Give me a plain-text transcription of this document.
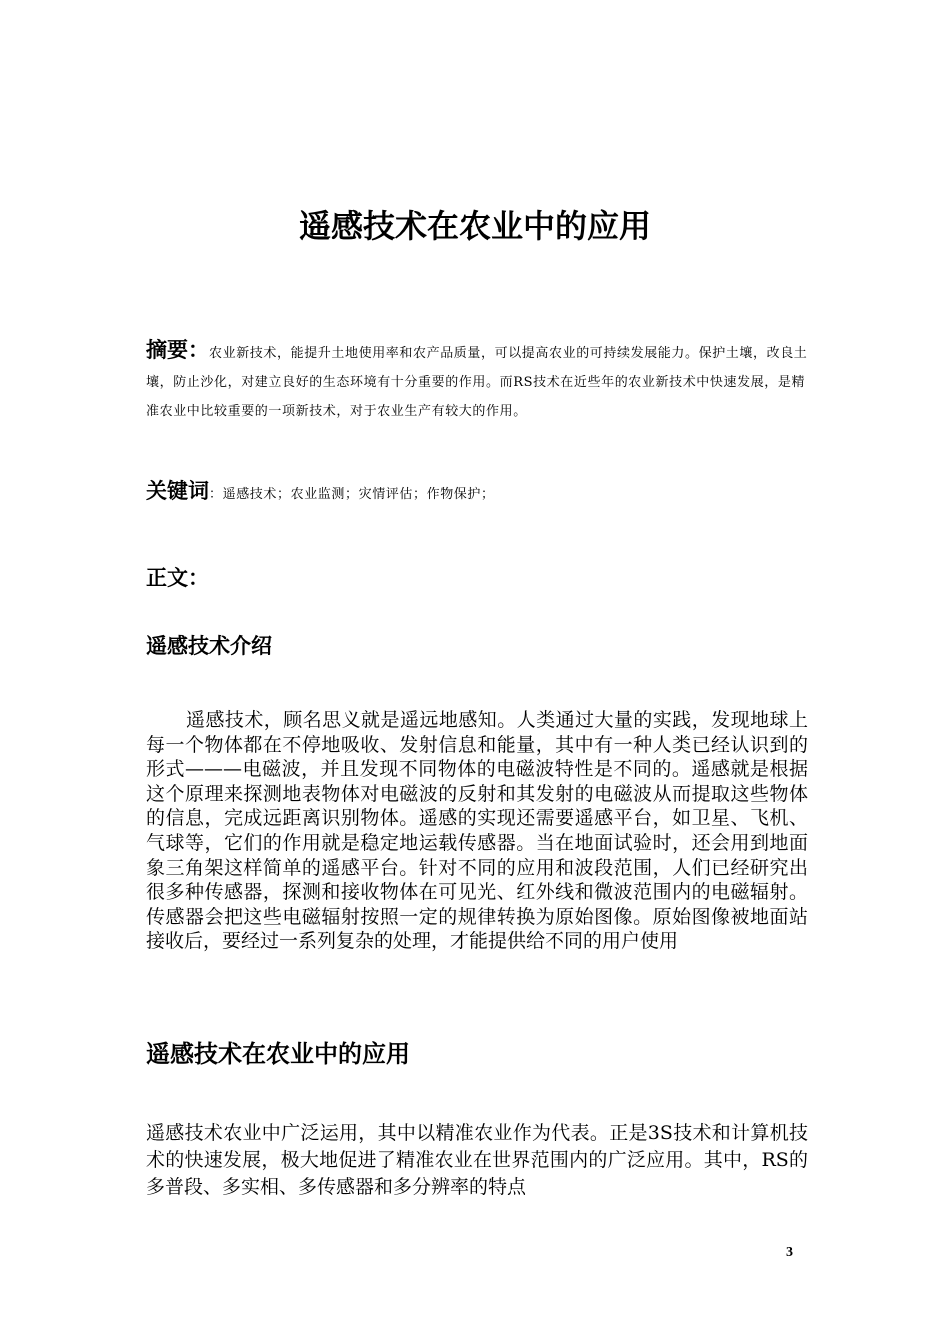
遥感技术在农业中的应用

摘要：农业新技术，能提升土地使用率和农产品质量，可以提高农业的可持续发展能力。保护土壤，改良土壤，防止沙化，对建立良好的生态环境有十分重要的作用。而RS技术在近些年的农业新技术中快速发展，是精准农业中比较重要的一项新技术，对于农业生产有较大的作用。

关键词：遥感技术；农业监测；灾情评估；作物保护；

正文：
遥感技术介绍

遥感技术，顾名思义就是遥远地感知。人类通过大量的实践，发现地球上每一个物体都在不停地吸收、发射信息和能量，其中有一种人类已经认识到的形式———电磁波，并且发现不同物体的电磁波特性是不同的。遥感就是根据这个原理来探测地表物体对电磁波的反射和其发射的电磁波从而提取这些物体的信息，完成远距离识别物体。遥感的实现还需要遥感平台，如卫星、飞机、气球等，它们的作用就是稳定地运载传感器。当在地面试验时，还会用到地面象三角架这样简单的遥感平台。针对不同的应用和波段范围，人们已经研究出很多种传感器，探测和接收物体在可见光、红外线和微波范围内的电磁辐射。传感器会把这些电磁辐射按照一定的规律转换为原始图像。原始图像被地面站接收后，要经过一系列复杂的处理，才能提供给不同的用户使用

遥感技术在农业中的应用

遥感技术农业中广泛运用，其中以精准农业作为代表。正是3S技术和计算机技术的快速发展，极大地促进了精准农业在世界范围内的广泛应用。其中，RS的多普段、多实相、多传感器和多分辨率的特点

3
